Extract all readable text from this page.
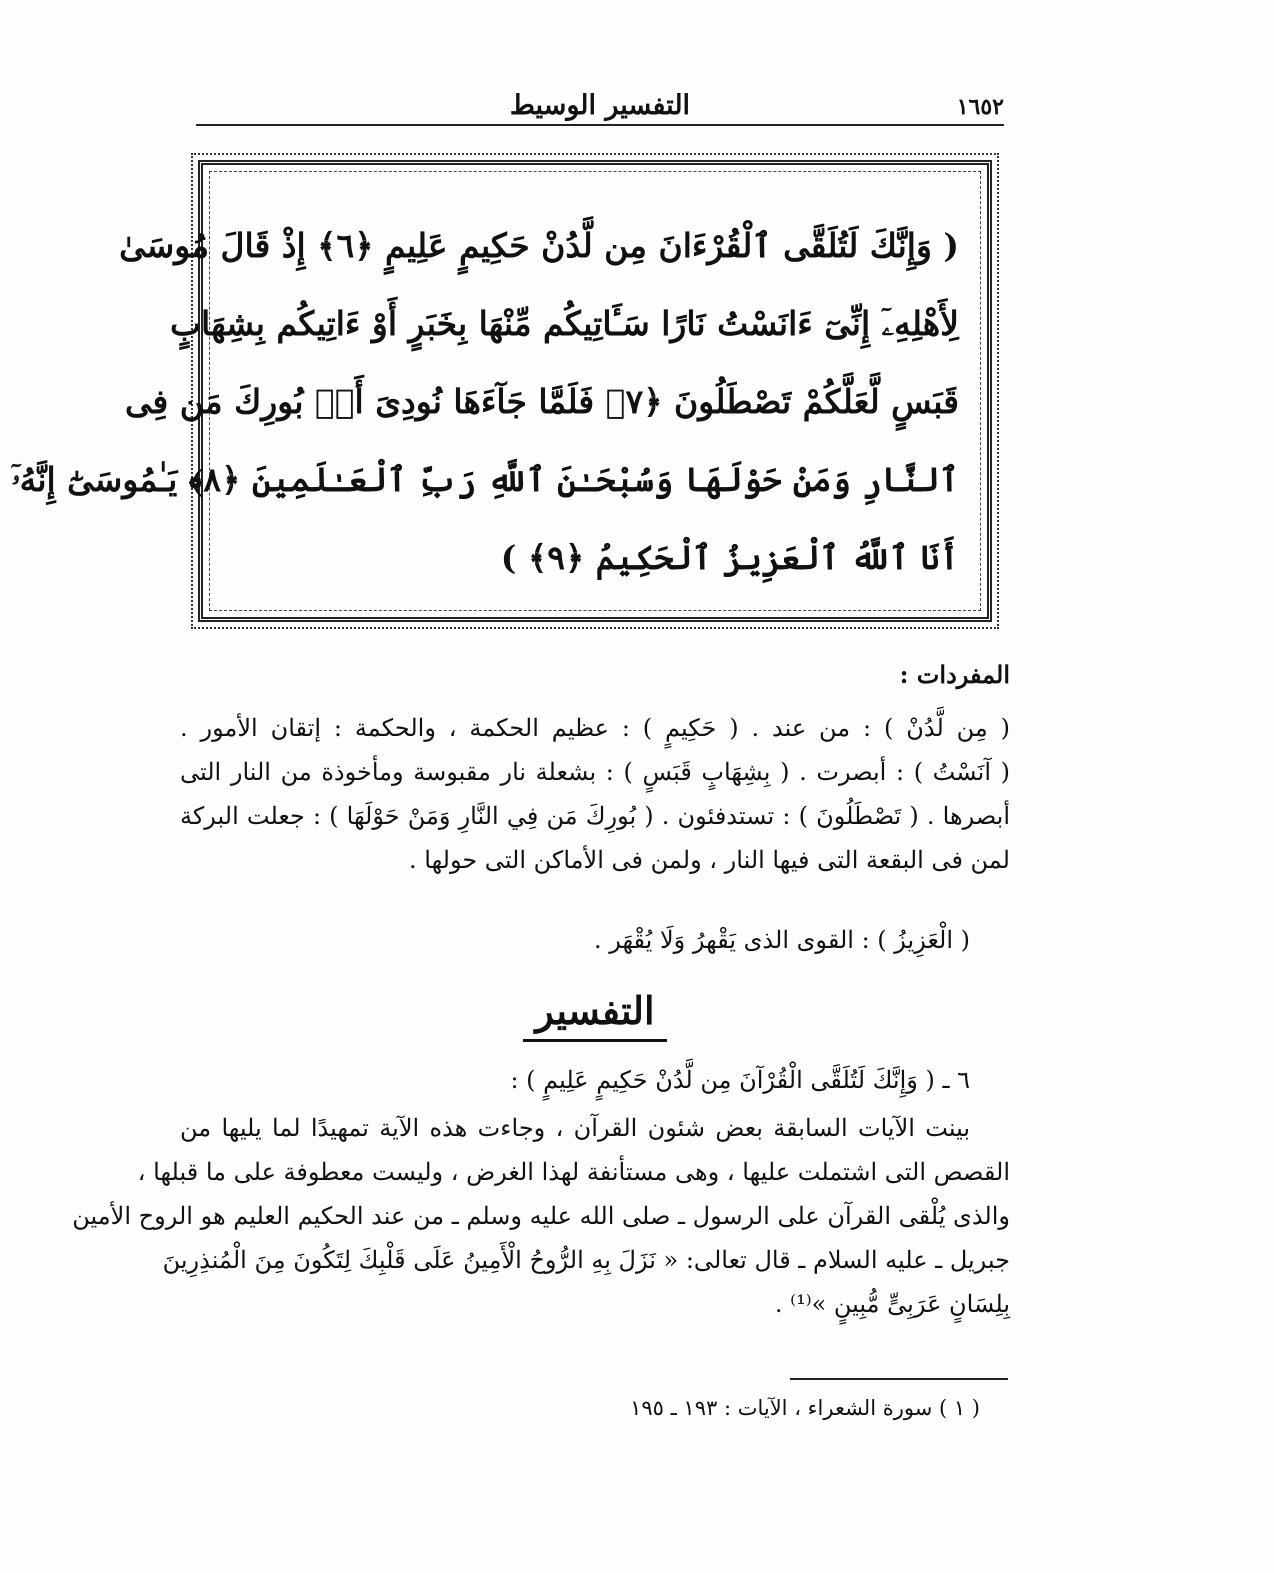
١٦٥٢
التفسير الوسيط
( وَإِنَّكَ لَتُلَقَّى ٱلْقُرْءَانَ مِن لَّدُنْ حَكِيمٍ عَلِيمٍ ﴿٦﴾ إِذْ قَالَ مُوسَىٰ
لِأَهْلِهِۦٓ إِنِّىٓ ءَانَسْتُ نَارًا سَـَٔاتِيكُم مِّنْهَا بِخَبَرٍ أَوْ ءَاتِيكُم بِشِهَابٍ
قَبَسٍ لَّعَلَّكُمْ تَصْطَلُونَ ﴿٧﴾ فَلَمَّا جَآءَهَا نُودِىَ أَنۢ بُورِكَ مَن فِى
ٱلنَّارِ وَمَنْ حَوْلَهَا وَسُبْحَـٰنَ ٱللَّهِ رَبِّ ٱلْعَـٰلَمِينَ ﴿٨﴾ يَـٰمُوسَىٰٓ إِنَّهُۥٓ
أَنَا ٱللَّهُ ٱلْعَزِيزُ ٱلْحَكِيمُ ﴿٩﴾ )
المفردات :
( مِن لَّدُنْ ) : من عند . ( حَكِيمٍ ) : عظيم الحكمة ، والحكمة : إتقان الأمور .
( آنَسْتُ ) : أبصرت . ( بِشِهَابٍ قَبَسٍ ) : بشعلة نار مقبوسة ومأخوذة من النار التى
أبصرها . ( تَصْطَلُونَ ) : تستدفئون . ( بُورِكَ مَن فِي النَّارِ وَمَنْ حَوْلَهَا ) : جعلت البركة
لمن فى البقعة التى فيها النار ، ولمن فى الأماكن التى حولها .
( الْعَزِيزُ ) : القوى الذى يَقْهرُ وَلَا يُقْهَر .
التفسير
٦ ـ ( وَإِنَّكَ لَتُلَقَّى الْقُرْآنَ مِن لَّدُنْ حَكِيمٍ عَلِيمٍ ) :
بينت الآيات السابقة بعض شئون القرآن ، وجاءت هذه الآية تمهيدًا لما يليها من
القصص التى اشتملت عليها ، وهى مستأنفة لهذا الغرض ، وليست معطوفة على ما قبلها ،
والذى يُلْقى القرآن على الرسول ـ صلى الله عليه وسلم ـ من عند الحكيم العليم هو الروح الأمين
جبريل ـ عليه السلام ـ قال تعالى: « نَزَلَ بِهِ الرُّوحُ الْأَمِينُ عَلَى قَلْبِكَ لِتَكُونَ مِنَ الْمُنذِرِينَ
بِلِسَانٍ عَرَبِىٍّ مُّبِينٍ »⁽¹⁾ .
( ١ ) سورة الشعراء ، الآيات : ١٩٣ ـ ١٩٥
